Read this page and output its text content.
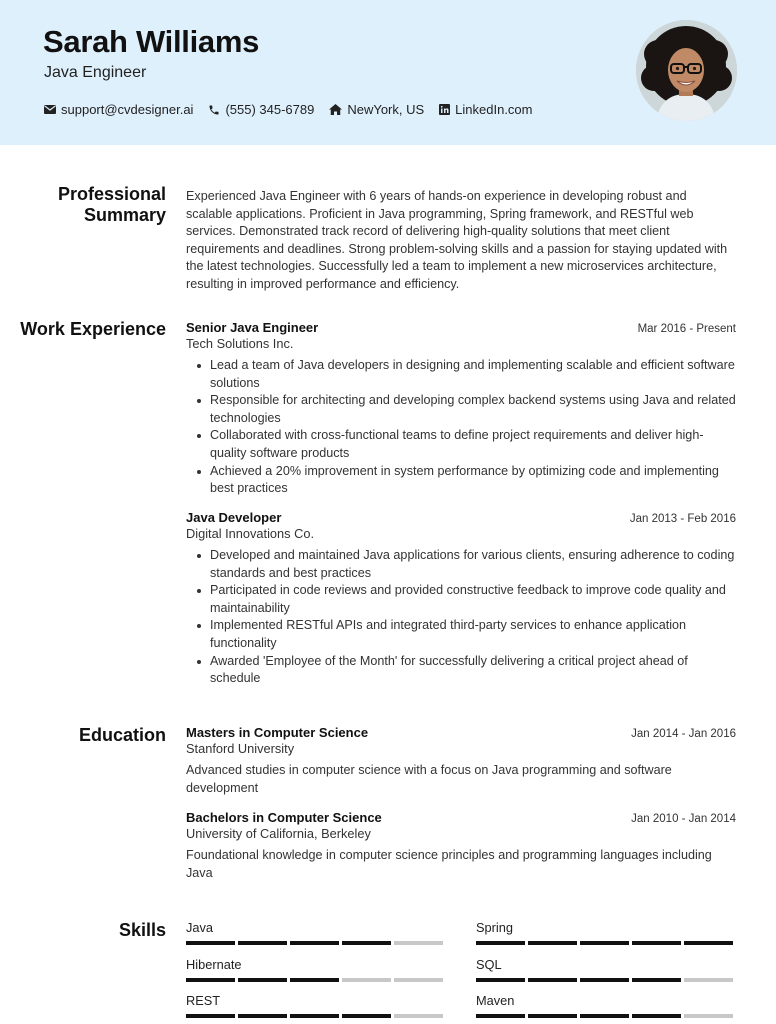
Sarah Williams
Java Engineer
support@cvdesigner.ai (555) 345-6789	NewYork, US LinkedIn.com
Professional Summary
Experienced Java Engineer with 6 years of hands-on experience in developing robust and scalable applications. Proficient in Java programming, Spring framework, and RESTful web services. Demonstrated track record of delivering high-quality solutions that meet client requirements and deadlines. Strong problem-solving skills and a passion for staying updated with the latest technologies. Successfully led a team to implement a new microservices architecture, resulting in improved performance and efficiency.
Work Experience Senior Java Engineer	Mar 2016 - Present
Tech Solutions Inc.
Lead a team of Java developers in designing and implementing scalable and efficient software solutions
Responsible for architecting and developing complex backend systems using Java and related technologies
Collaborated with cross-functional teams to define project requirements and deliver high-quality software products
Achieved a 20% improvement in system performance by optimizing code and implementing best practices
Java Developer	Jan 2013 - Feb 2016
Digital Innovations Co.
Developed and maintained Java applications for various clients, ensuring adherence to coding standards and best practices
Participated in code reviews and provided constructive feedback to improve code quality and maintainability
Implemented RESTful APIs and integrated third-party services to enhance application functionality
Awarded 'Employee of the Month' for successfully delivering a critical project ahead of schedule
Education Masters in Computer Science	Jan 2014 - Jan 2016
Stanford University
Advanced studies in computer science with a focus on Java programming and software development
Bachelors in Computer Science	Jan 2010 - Jan 2014
University of California, Berkeley
Foundational knowledge in computer science principles and programming languages including Java
Skills Java	Spring
Hibernate	SQL
REST	Maven
